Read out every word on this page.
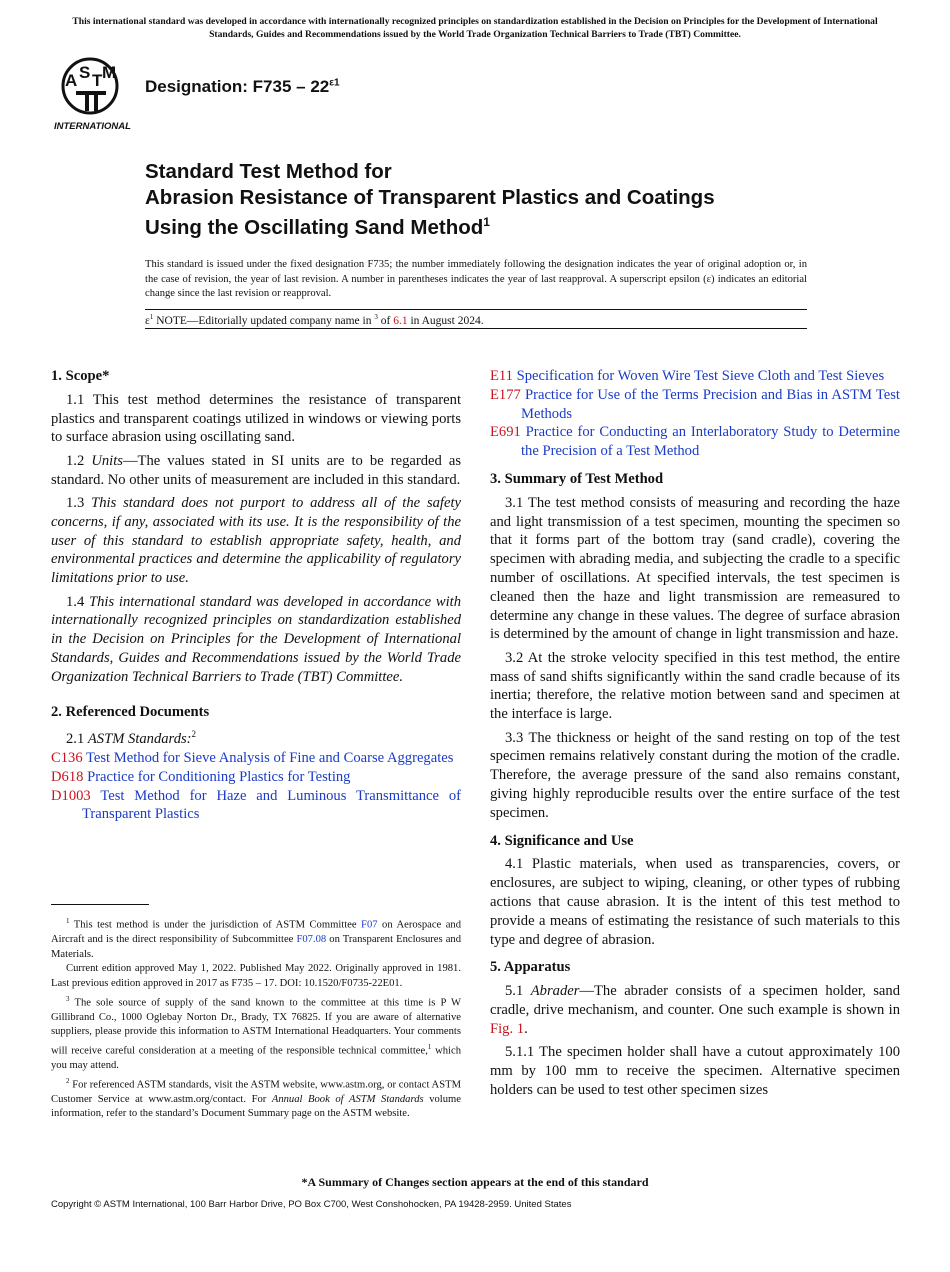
This international standard was developed in accordance with internationally recognized principles on standardization established in the Decision on Principles for the Development of International Standards, Guides and Recommendations issued by the World Trade Organization Technical Barriers to Trade (TBT) Committee.
A S T M
INTERNATIONAL
Designation: $F735 - 22^{\varepsilon 1}$
Standard Test Method for
Abrasion Resistance of Transparent Plastics and Coatings
Using the Oscillating Sand Method$^1$
This standard is issued under the fixed designation F735; the number immediately following the designation indicates the year of original adoption or, in the case of revision, the year of last revision. A number in parentheses indicates the year of last reapproval. A superscript epsilon (ε) indicates an editorial change since the last revision or reapproval.
$\varepsilon^1$ NOTE—Editorially updated company name in $^3$ of 6.1 in August 2024.

1. Scope*

1.1 This test method determines the resistance of transparent plastics and transparent coatings utilized in windows or viewing ports to surface abrasion using oscillating sand.

1.2 Units—The values stated in SI units are to be regarded as standard. No other units of measurement are included in this standard.

1.3 This standard does not purport to address all of the safety concerns, if any, associated with its use. It is the responsibility of the user of this standard to establish appropriate safety, health, and environmental practices and determine the applicability of regulatory limitations prior to use.

1.4 This international standard was developed in accordance with internationally recognized principles on standardization established in the Decision on Principles for the Development of International Standards, Guides and Recommendations issued by the World Trade Organization Technical Barriers to Trade (TBT) Committee.

2. Referenced Documents

2.1 ASTM Standards:$^2$

C136 Test Method for Sieve Analysis of Fine and Coarse Aggregates

D618 Practice for Conditioning Plastics for Testing

D1003 Test Method for Haze and Luminous Transmittance of Transparent Plastics

$^1$ This test method is under the jurisdiction of ASTM Committee F07 on Aerospace and Aircraft and is the direct responsibility of Subcommittee F07.08 on Transparent Enclosures and Materials.

Current edition approved May 1, 2022. Published May 2022. Originally approved in 1981. Last previous edition approved in 2017 as F735 – 17. DOI: 10.1520/F0735-22E01.

$^3$ The sole source of supply of the sand known to the committee at this time is P W Gillibrand Co., 1000 Oglebay Norton Dr., Brady, TX 76825. If you are aware of alternative suppliers, please provide this information to ASTM International Headquarters. Your comments will receive careful consideration at a meeting of the responsible technical committee,$^1$ which you may attend.

$^2$ For referenced ASTM standards, visit the ASTM website, www.astm.org, or contact ASTM Customer Service at www.astm.org/contact. For Annual Book of ASTM Standards volume information, refer to the standard’s Document Summary page on the ASTM website.

E11 Specification for Woven Wire Test Sieve Cloth and Test Sieves

E177 Practice for Use of the Terms Precision and Bias in ASTM Test Methods

E691 Practice for Conducting an Interlaboratory Study to Determine the Precision of a Test Method

3. Summary of Test Method

3.1 The test method consists of measuring and recording the haze and light transmission of a test specimen, mounting the specimen so that it forms part of the bottom tray (sand cradle), covering the specimen with abrading media, and subjecting the cradle to a specific number of oscillations. At specified intervals, the test specimen is cleaned then the haze and light transmission are remeasured to determine any change in these values. The degree of surface abrasion is determined by the amount of change in light transmission and haze.

3.2 At the stroke velocity specified in this test method, the entire mass of sand shifts significantly within the sand cradle because of its inertia; therefore, the relative motion between sand and specimen at the interface is large.

3.3 The thickness or height of the sand resting on top of the test specimen remains relatively constant during the motion of the cradle. Therefore, the average pressure of the sand also remains constant, giving highly reproducible results over the entire surface of the test specimen.

4. Significance and Use

4.1 Plastic materials, when used as transparencies, covers, or enclosures, are subject to wiping, cleaning, or other types of rubbing actions that cause abrasion. It is the intent of this test method to provide a means of estimating the resistance of such materials to this type and degree of abrasion.

5. Apparatus

5.1 Abrader—The abrader consists of a specimen holder, sand cradle, drive mechanism, and counter. One such example is shown in Fig. 1.

5.1.1 The specimen holder shall have a cutout approximately 100 mm by 100 mm to receive the specimen. Alternative specimen holders can be used to test other specimen sizes

*A Summary of Changes section appears at the end of this standard
Copyright © ASTM International, 100 Barr Harbor Drive, PO Box C700, West Conshohocken, PA 19428-2959. United States
